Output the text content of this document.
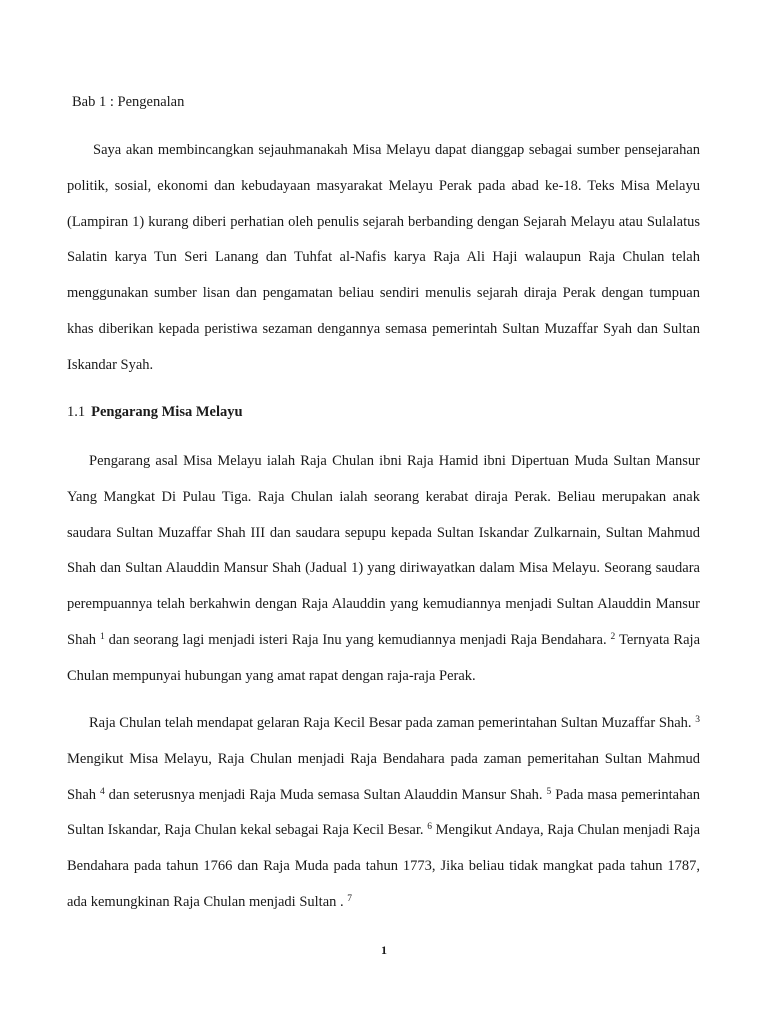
Bab 1 : Pengenalan

Saya akan membincangkan sejauhmanakah Misa Melayu dapat dianggap sebagai sumber pensejarahan politik, sosial, ekonomi dan kebudayaan masyarakat Melayu Perak pada abad ke-18. Teks Misa Melayu (Lampiran 1) kurang diberi perhatian oleh penulis sejarah berbanding dengan Sejarah Melayu atau Sulalatus Salatin karya Tun Seri Lanang dan Tuhfat al-Nafis karya Raja Ali Haji walaupun Raja Chulan telah menggunakan sumber lisan dan pengamatan beliau sendiri menulis sejarah diraja Perak dengan tumpuan khas diberikan kepada peristiwa sezaman dengannya semasa pemerintah Sultan Muzaffar Syah dan Sultan Iskandar Syah.

1.1 Pengarang Misa Melayu

Pengarang asal Misa Melayu ialah Raja Chulan ibni Raja Hamid ibni Dipertuan Muda Sultan Mansur Yang Mangkat Di Pulau Tiga. Raja Chulan ialah seorang kerabat diraja Perak. Beliau merupakan anak saudara Sultan Muzaffar Shah III dan saudara sepupu kepada Sultan Iskandar Zulkarnain, Sultan Mahmud Shah dan Sultan Alauddin Mansur Shah (Jadual 1) yang diriwayatkan dalam Misa Melayu. Seorang saudara perempuannya telah berkahwin dengan Raja Alauddin yang kemudiannya menjadi Sultan Alauddin Mansur Shah $^1$ dan seorang lagi menjadi isteri Raja Inu yang kemudiannya menjadi Raja Bendahara. $^2$ Ternyata Raja Chulan mempunyai hubungan yang amat rapat dengan raja-raja Perak.

Raja Chulan telah mendapat gelaran Raja Kecil Besar pada zaman pemerintahan Sultan Muzaffar Shah. $^3$ Mengikut Misa Melayu, Raja Chulan menjadi Raja Bendahara pada zaman pemeritahan Sultan Mahmud Shah $^4$ dan seterusnya menjadi Raja Muda semasa Sultan Alauddin Mansur Shah. $^5$ Pada masa pemerintahan Sultan Iskandar, Raja Chulan kekal sebagai Raja Kecil Besar. $^6$ Mengikut Andaya, Raja Chulan menjadi Raja Bendahara pada tahun 1766 dan Raja Muda pada tahun 1773, Jika beliau tidak mangkat pada tahun 1787, ada kemungkinan Raja Chulan menjadi Sultan . $^7$

1
